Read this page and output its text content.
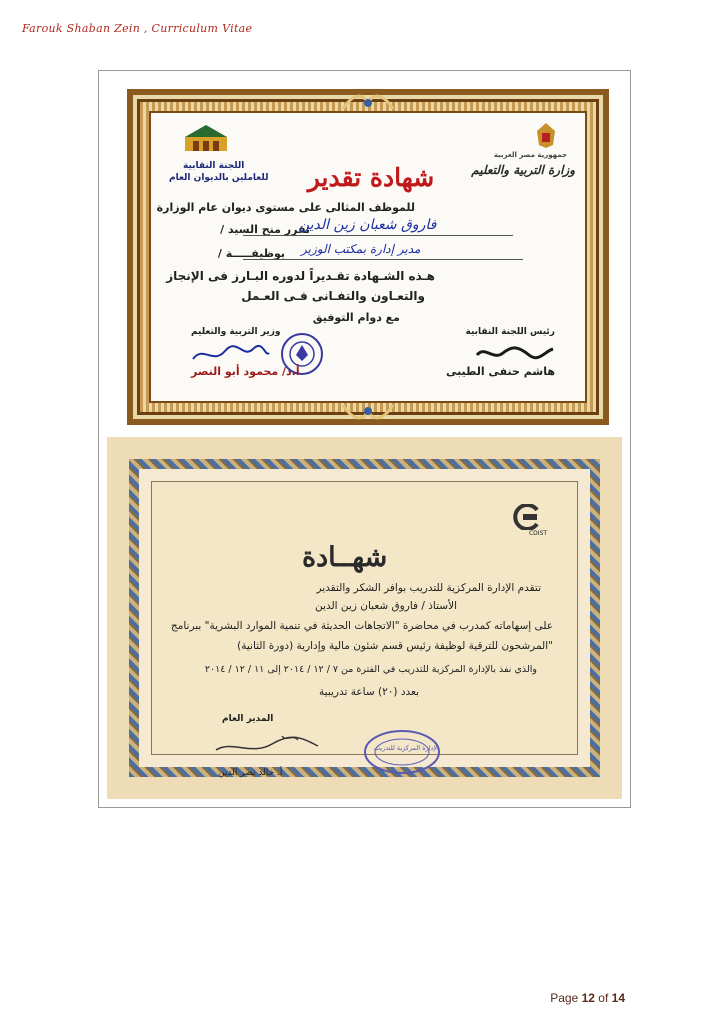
Farouk Shaban Zein , Curriculum Vitae
اللجنة النقابية
للعاملين بالديوان العام
جمهورية مصر العربية
وزارة التربية والتعليم
شهادة تقدير
للموظف المثالى على مستوى ديوان عام الوزارة
تقرر منح السيد /
فاروق شعبان زين الدين
بوظيفـــــة / مدير إدارة بمكتب الوزير
هـذه الشـهادة تقـديراً لدوره البـارز فى الإنجاز
والتعـاون والتفـانى فـى العـمل
مع دوام التوفيق
وزير التربية والتعليم
أ.د/ محمود أبو النصر
رئيس اللجنة النقابية
هاشم حنفى الطيبى
CDIST
شهــادة
تتقدم الإدارة المركزية للتدريب بوافر الشكر والتقدير
الأستاذ / فاروق شعبان زين الدين
على إسهاماته كمدرب في محاضرة "الاتجاهات الحديثة في تنمية الموارد البشرية" ببرنامج
"المرشحون للترقية لوظيفة رئيس قسم شئون مالية وإدارية (دورة الثانية)
والذي نفذ بالإدارة المركزية للتدريب في الفترة من ٧ / ١٢ / ٢٠١٤ إلى ١١ / ١٢ / ٢٠١٤
بعدد (٢٠) ساعة تدريبية
المدير العام
أ. خالد نصر الدين
الإدارة المركزية للتدريب
Page 12 of 14
